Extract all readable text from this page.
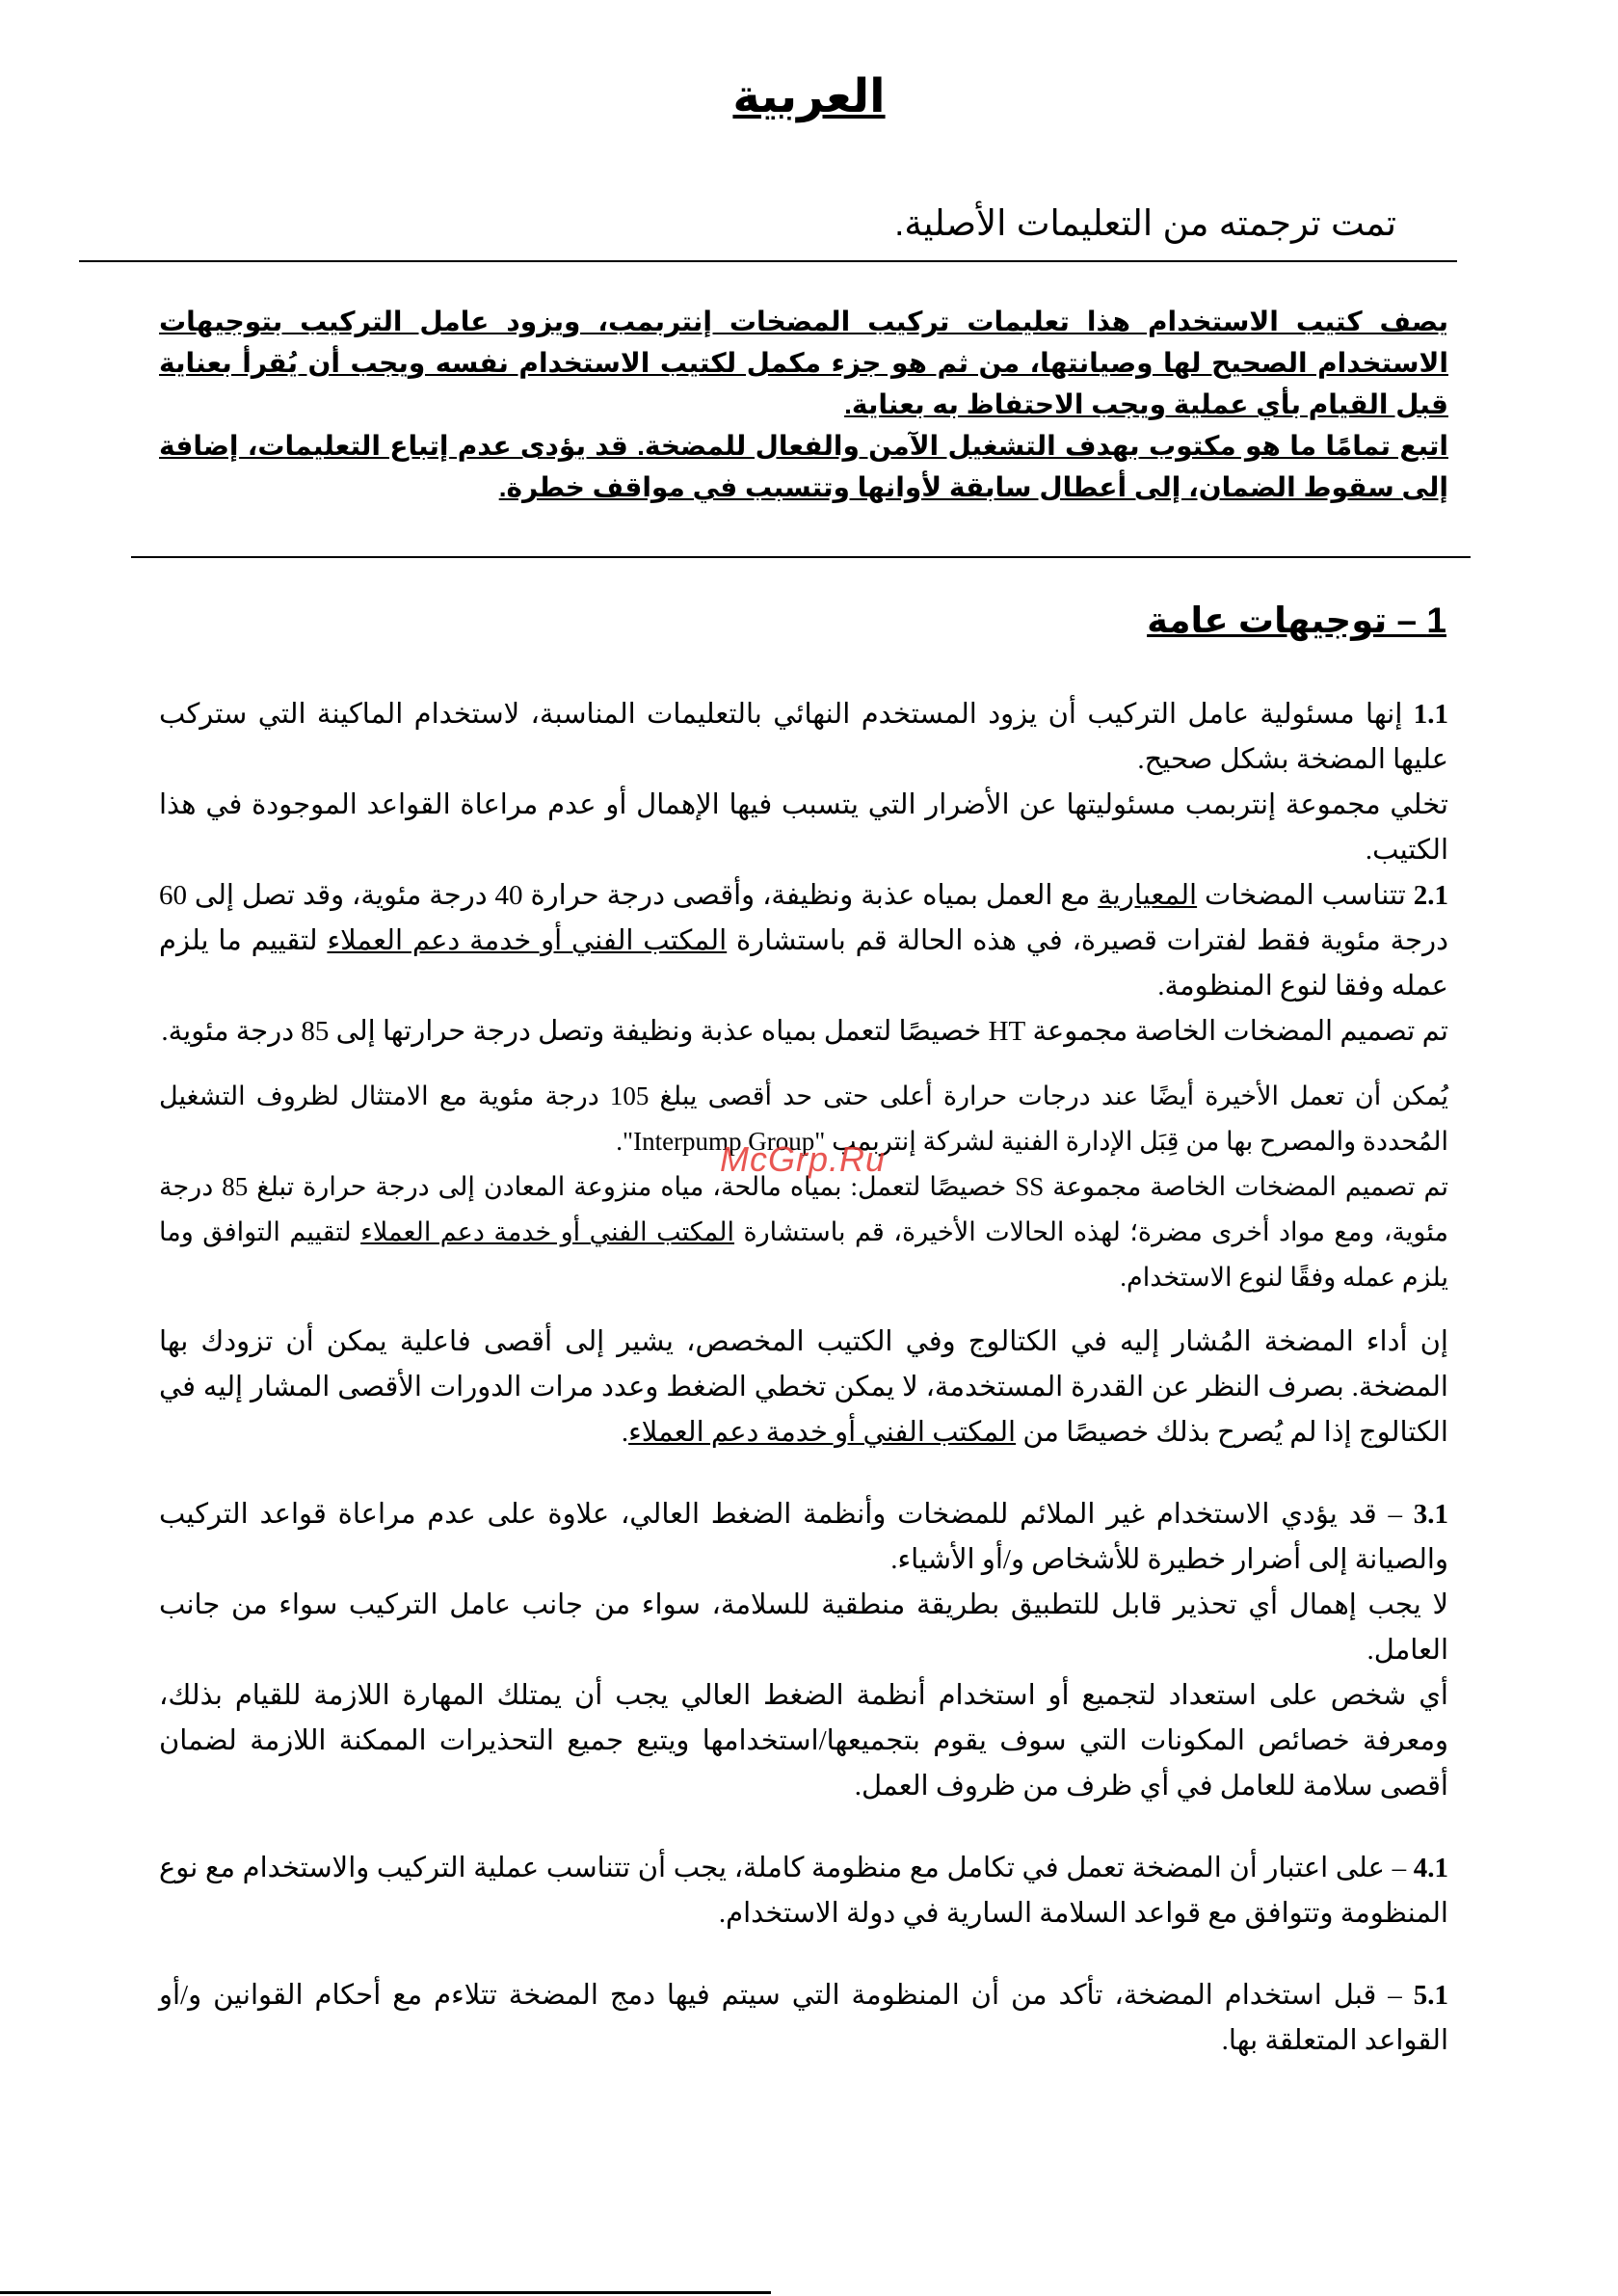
العربية
تمت ترجمته من التعليمات الأصلية.

يصف كتيب الاستخدام هذا تعليمات تركيب المضخات إنتربمب، ويزود عامل التركيب بتوجيهات الاستخدام الصحيح لها وصيانتها، من ثم هو جزء مكمل لكتيب الاستخدام نفسه ويجب أن يُقرأ بعناية قبل القيام بأي عملية ويجب الاحتفاظ به بعناية.

اتبع تمامًا ما هو مكتوب بهدف التشغيل الآمن والفعال للمضخة. قد يؤدى عدم إتباع التعليمات، إضافة إلى سقوط الضمان، إلى أعطال سابقة لأوانها وتتسبب في مواقف خطرة.

1 – توجيهات عامة

1.1 إنها مسئولية عامل التركيب أن يزود المستخدم النهائي بالتعليمات المناسبة، لاستخدام الماكينة التي ستركب عليها المضخة بشكل صحيح.

تخلي مجموعة إنتربمب مسئوليتها عن الأضرار التي يتسبب فيها الإهمال أو عدم مراعاة القواعد الموجودة في هذا الكتيب.

2.1 تتناسب المضخات المعيارية مع العمل بمياه عذبة ونظيفة، وأقصى درجة حرارة 40 درجة مئوية، وقد تصل إلى 60 درجة مئوية فقط لفترات قصيرة، في هذه الحالة قم باستشارة المكتب الفني أو خدمة دعم العملاء لتقييم ما يلزم عمله وفقا لنوع المنظومة.

تم تصميم المضخات الخاصة مجموعة HT خصيصًا لتعمل بمياه عذبة ونظيفة وتصل درجة حرارتها إلى 85 درجة مئوية.

يُمكن أن تعمل الأخيرة أيضًا عند درجات حرارة أعلى حتى حد أقصى يبلغ 105 درجة مئوية مع الامتثال لظروف التشغيل المُحددة والمصرح بها من قِبَل الإدارة الفنية لشركة إنتربمب "Interpump Group".

تم تصميم المضخات الخاصة مجموعة SS خصيصًا لتعمل: بمياه مالحة، مياه منزوعة المعادن إلى درجة حرارة تبلغ 85 درجة مئوية، ومع مواد أخرى مضرة؛ لهذه الحالات الأخيرة، قم باستشارة المكتب الفني أو خدمة دعم العملاء لتقييم التوافق وما يلزم عمله وفقًا لنوع الاستخدام.

إن أداء المضخة المُشار إليه في الكتالوج وفي الكتيب المخصص، يشير إلى أقصى فاعلية يمكن أن تزودك بها المضخة. بصرف النظر عن القدرة المستخدمة، لا يمكن تخطي الضغط وعدد مرات الدورات الأقصى المشار إليه في الكتالوج إذا لم يُصرح بذلك خصيصًا من المكتب الفني أو خدمة دعم العملاء.

3.1 – قد يؤدي الاستخدام غير الملائم للمضخات وأنظمة الضغط العالي، علاوة على عدم مراعاة قواعد التركيب والصيانة إلى أضرار خطيرة للأشخاص و/أو الأشياء.

لا يجب إهمال أي تحذير قابل للتطبيق بطريقة منطقية للسلامة، سواء من جانب عامل التركيب سواء من جانب العامل.

أي شخص على استعداد لتجميع أو استخدام أنظمة الضغط العالي يجب أن يمتلك المهارة اللازمة للقيام بذلك، ومعرفة خصائص المكونات التي سوف يقوم بتجميعها/استخدامها ويتبع جميع التحذيرات الممكنة اللازمة لضمان أقصى سلامة للعامل في أي ظرف من ظروف العمل.

4.1 – على اعتبار أن المضخة تعمل في تكامل مع منظومة كاملة، يجب أن تتناسب عملية التركيب والاستخدام مع نوع المنظومة وتتوافق مع قواعد السلامة السارية في دولة الاستخدام.

5.1 – قبل استخدام المضخة، تأكد من أن المنظومة التي سيتم فيها دمج المضخة تتلاءم مع أحكام القوانين و/أو القواعد المتعلقة بها.

McGrp.Ru
